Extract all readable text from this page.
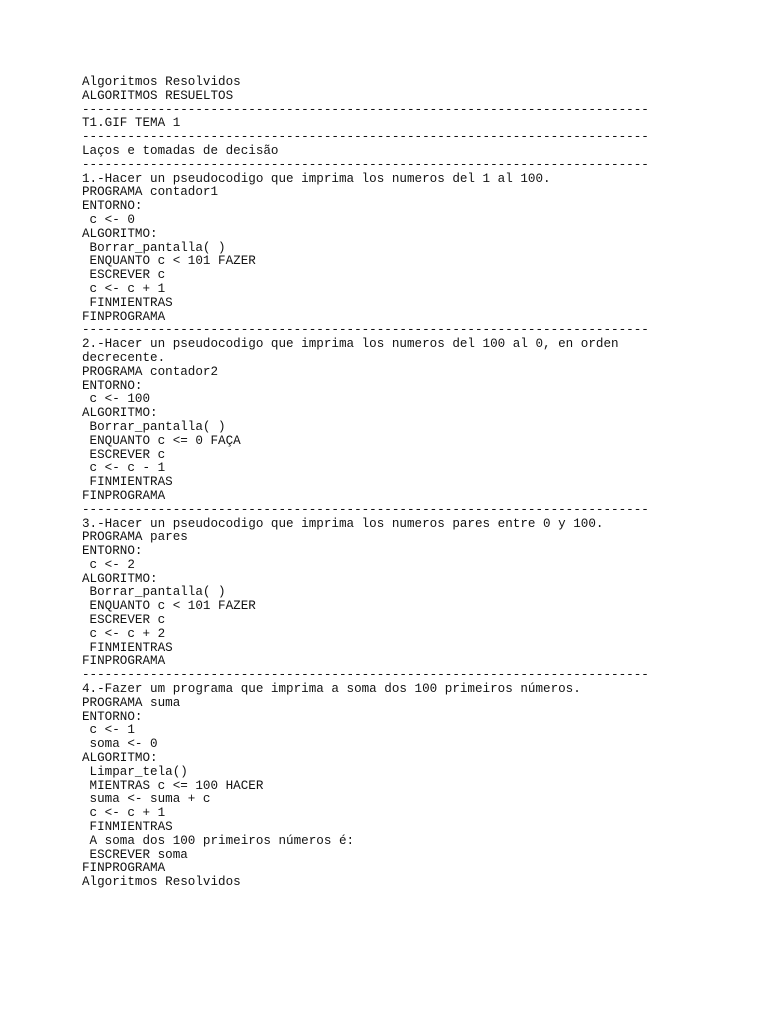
Algoritmos Resolvidos
ALGORITMOS RESUELTOS
---------------------------------------------------------------------------
T1.GIF TEMA 1
---------------------------------------------------------------------------
Laços e tomadas de decisão
---------------------------------------------------------------------------
1.-Hacer un pseudocodigo que imprima los numeros del 1 al 100.
PROGRAMA contador1
ENTORNO:
c <- 0
ALGORITMO:
Borrar_pantalla( )
ENQUANTO c < 101 FAZER
ESCREVER c
c <- c + 1
FINMIENTRAS
FINPROGRAMA
---------------------------------------------------------------------------
2.-Hacer un pseudocodigo que imprima los numeros del 100 al 0, en orden
decrecente.
PROGRAMA contador2
ENTORNO:
c <- 100
ALGORITMO:
Borrar_pantalla( )
ENQUANTO c <= 0 FAÇA
ESCREVER c
c <- c - 1
FINMIENTRAS
FINPROGRAMA
---------------------------------------------------------------------------
3.-Hacer un pseudocodigo que imprima los numeros pares entre 0 y 100.
PROGRAMA pares
ENTORNO:
c <- 2
ALGORITMO:
Borrar_pantalla( )
ENQUANTO c < 101 FAZER
ESCREVER c
c <- c + 2
FINMIENTRAS
FINPROGRAMA
---------------------------------------------------------------------------
4.-Fazer um programa que imprima a soma dos 100 primeiros números.
PROGRAMA suma
ENTORNO:
c <- 1
soma <- 0
ALGORITMO:
Limpar_tela()
MIENTRAS c <= 100 HACER
suma <- suma + c
c <- c + 1
FINMIENTRAS
A soma dos 100 primeiros números é:
ESCREVER soma
FINPROGRAMA
Algoritmos Resolvidos
